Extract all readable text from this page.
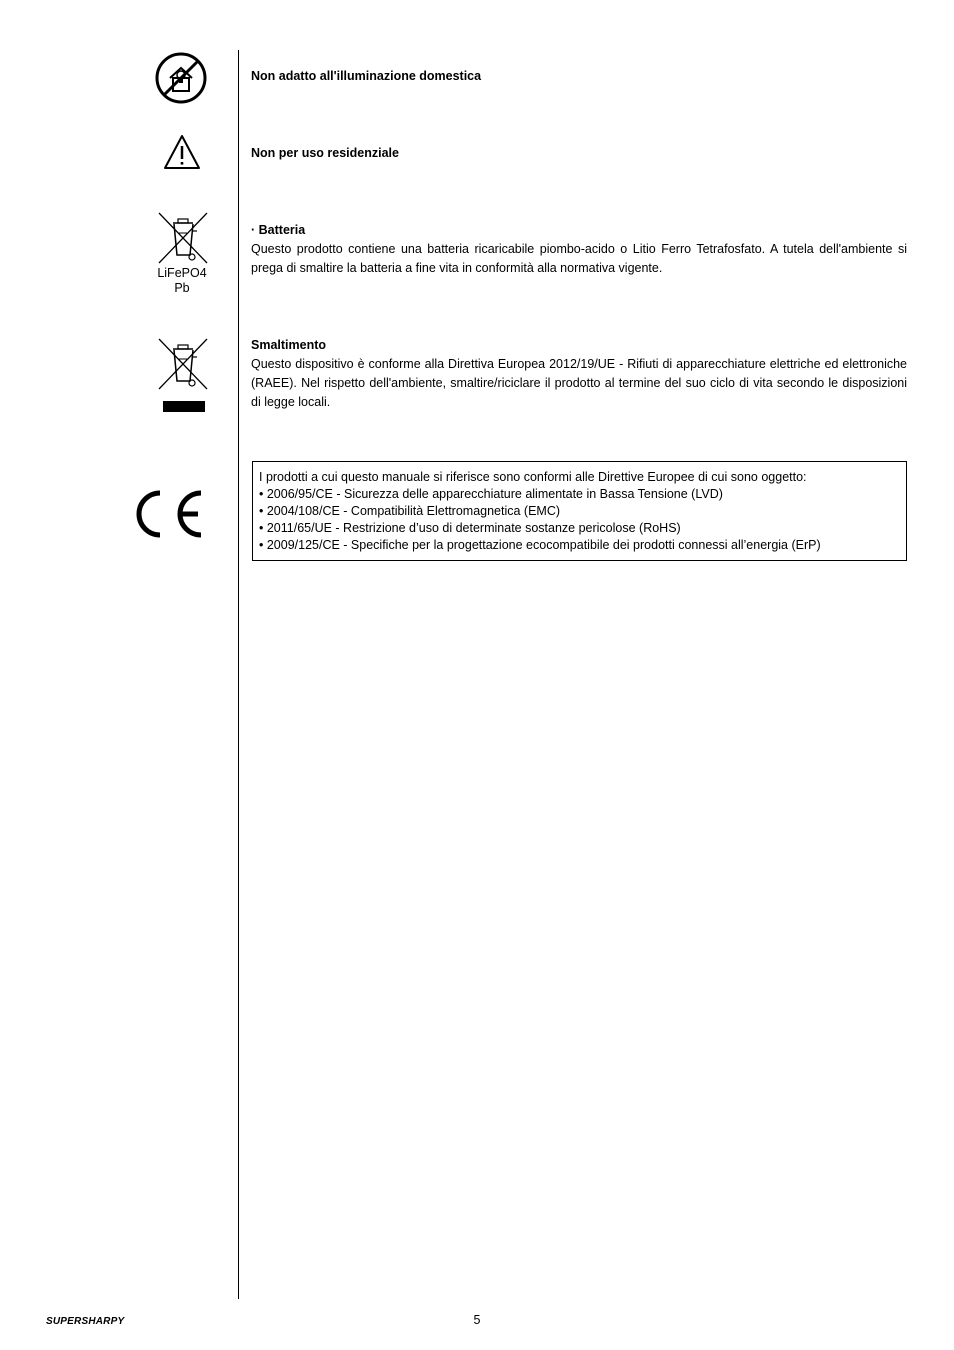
Non adatto all'illuminazione domestica
Non per uso residenziale
LiFePO4
Pb
· Batteria
Questo prodotto contiene una batteria ricaricabile piombo-acido o Litio Ferro Tetrafosfato. A tutela dell'ambiente si prega di smaltire la batteria a fine vita in conformità alla normativa vigente.
Smaltimento
Questo dispositivo è conforme alla Direttiva Europea 2012/19/UE - Rifiuti di apparecchiature elettriche ed elettroniche (RAEE). Nel rispetto dell'ambiente, smaltire/riciclare il prodotto al termine del suo ciclo di vita secondo le disposizioni di legge locali.
I prodotti a cui questo manuale si riferisce sono conformi alle Direttive Europee di cui sono oggetto:
• 2006/95/CE - Sicurezza delle apparecchiature alimentate in Bassa Tensione (LVD)
• 2004/108/CE - Compatibilità Elettromagnetica (EMC)
• 2011/65/UE - Restrizione d’uso di determinate sostanze pericolose (RoHS)
• 2009/125/CE - Specifiche per la progettazione ecocompatibile dei prodotti connessi all’energia (ErP)
SUPERSHARPY	5
